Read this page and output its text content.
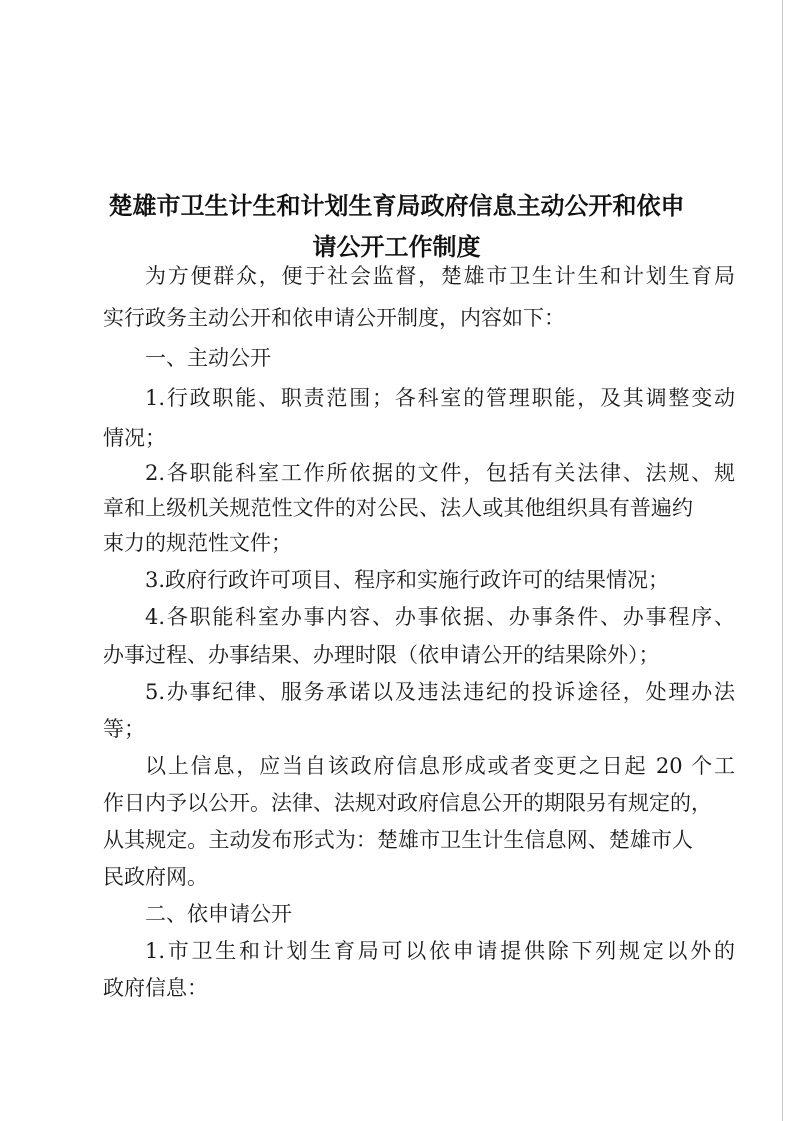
楚雄市卫生计生和计划生育局政府信息主动公开和依申
请公开工作制度
为方便群众，便于社会监督，楚雄市卫生计生和计划生育局
实行政务主动公开和依申请公开制度，内容如下：
一、主动公开
1.行政职能、职责范围；各科室的管理职能，及其调整变动
情况；
2.各职能科室工作所依据的文件，包括有关法律、法规、规
章和上级机关规范性文件的对公民、法人或其他组织具有普遍约
束力的规范性文件；
3.政府行政许可项目、程序和实施行政许可的结果情况；
4.各职能科室办事内容、办事依据、办事条件、办事程序、
办事过程、办事结果、办理时限（依申请公开的结果除外）；
5.办事纪律、服务承诺以及违法违纪的投诉途径，处理办法
等；
以上信息，应当自该政府信息形成或者变更之日起 20 个工
作日内予以公开。法律、法规对政府信息公开的期限另有规定的，
从其规定。主动发布形式为：楚雄市卫生计生信息网、楚雄市人
民政府网。
二、依申请公开
1.市卫生和计划生育局可以依申请提供除下列规定以外的
政府信息：
